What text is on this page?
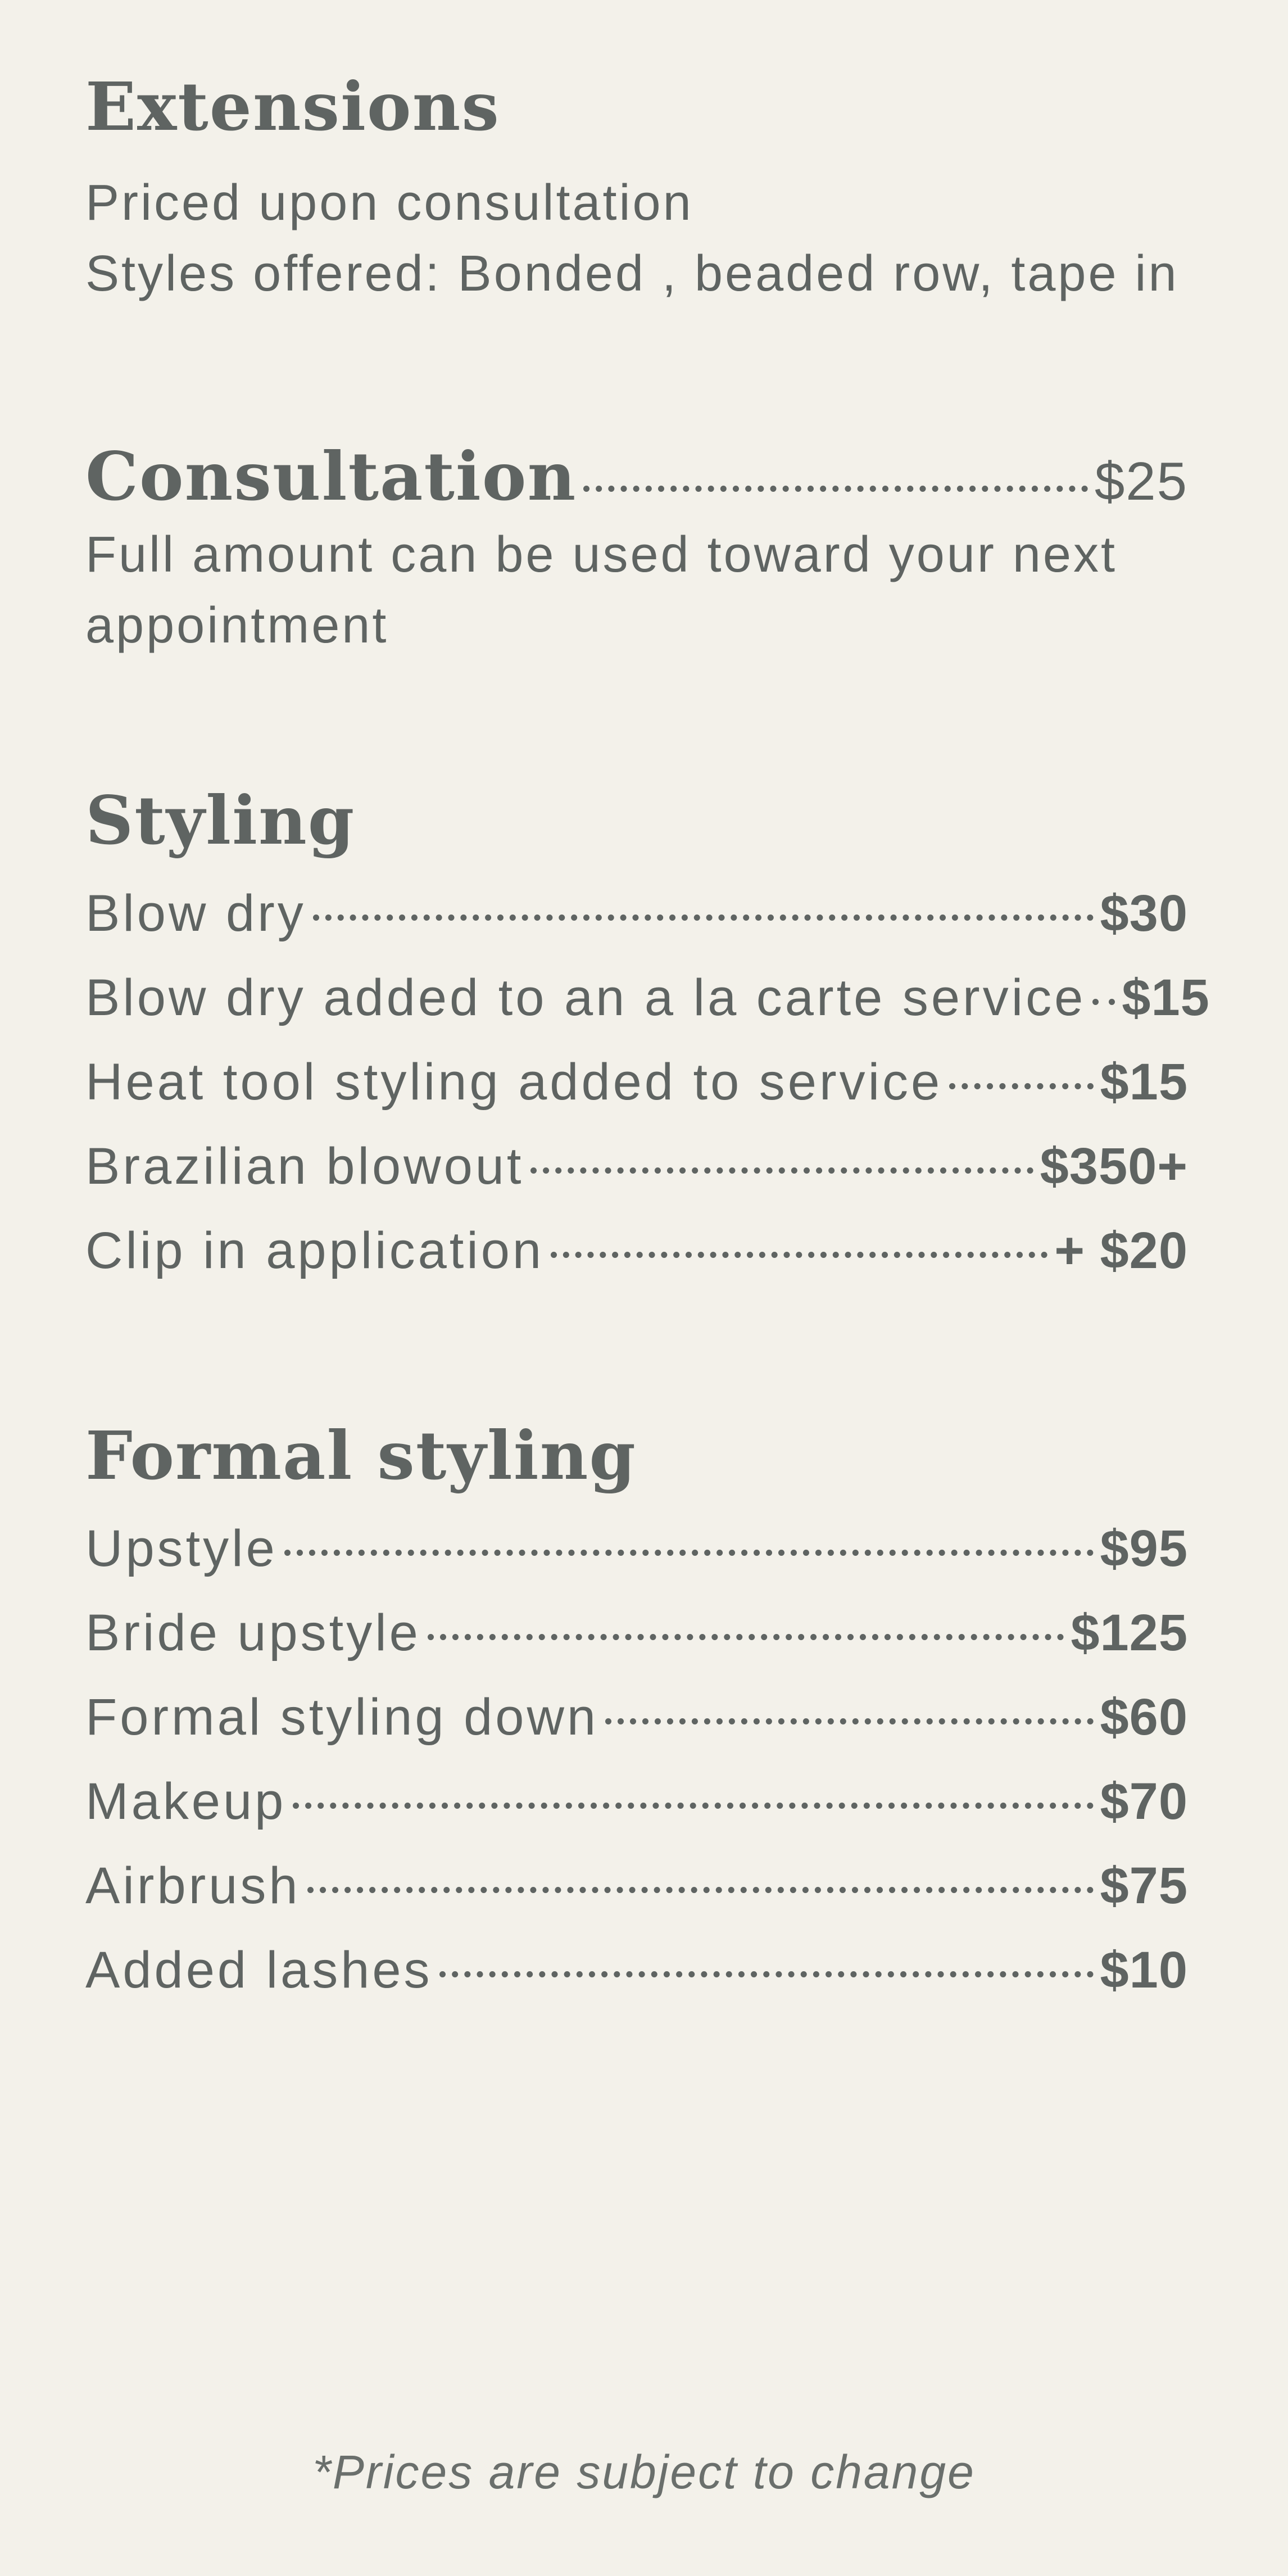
Extensions

Priced upon consultation

Styles offered: Bonded , beaded row, tape in

Consultation	$25

Full amount can be used toward your next appointment

Styling
Blow dry	$30
Blow dry added to an a la carte service $15
Heat tool styling added to service	$15
Brazilian blowout	$350+
Clip in application	+ $20
Formal styling
Upstyle	$95
Bride upstyle	$125
Formal styling down	$60
Makeup	$70
Airbrush	$75
Added lashes	$10
*Prices are subject to change
